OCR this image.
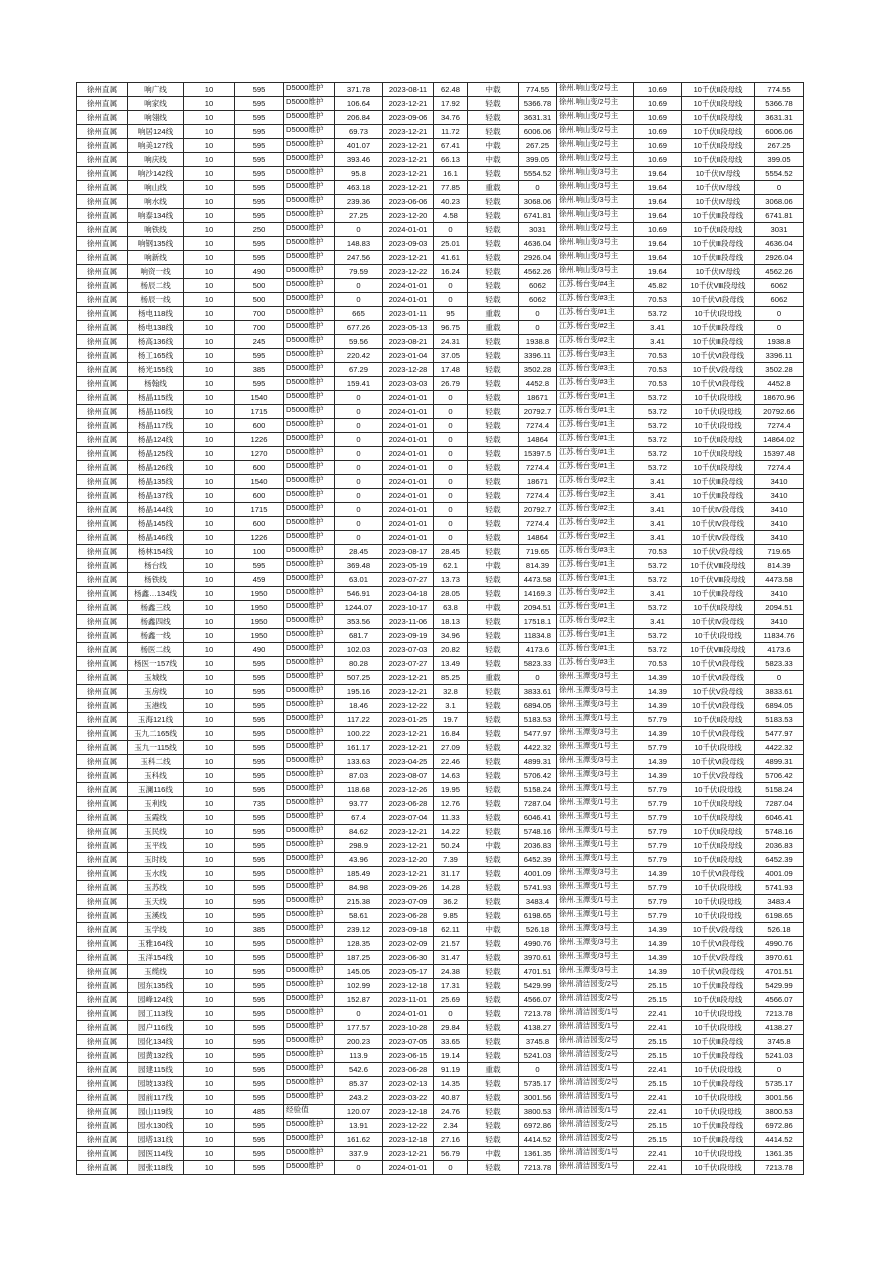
徐州直属	响广线	10	595	D5000维护	371.78	2023-08-11	62.48	中载	774.55	徐州.响山变/2号主	10.69	10千伏Ⅱ段母线	774.55
徐州直属	响家线	10	595	D5000维护	106.64	2023-12-21	17.92	轻载	5366.78	徐州.响山变/2号主	10.69	10千伏Ⅱ段母线	5366.78
徐州直属	响翎线	10	595	D5000维护	206.84	2023-09-06	34.76	轻载	3631.31	徐州.响山变/2号主	10.69	10千伏Ⅱ段母线	3631.31
徐州直属	响居124线	10	595	D5000维护	69.73	2023-12-21	11.72	轻载	6006.06	徐州.响山变/2号主	10.69	10千伏Ⅱ段母线	6006.06
徐州直属	响美127线	10	595	D5000维护	401.07	2023-12-21	67.41	中载	267.25	徐州.响山变/2号主	10.69	10千伏Ⅱ段母线	267.25
徐州直属	响庆线	10	595	D5000维护	393.46	2023-12-21	66.13	中载	399.05	徐州.响山变/2号主	10.69	10千伏Ⅱ段母线	399.05
徐州直属	响沙142线	10	595	D5000维护	95.8	2023-12-21	16.1	轻载	5554.52	徐州.响山变/3号主	19.64	10千伏Ⅳ母线	5554.52
徐州直属	响山线	10	595	D5000维护	463.18	2023-12-21	77.85	重载	0	徐州.响山变/3号主	19.64	10千伏Ⅳ母线	0
徐州直属	响水线	10	595	D5000维护	239.36	2023-06-06	40.23	轻载	3068.06	徐州.响山变/3号主	19.64	10千伏Ⅳ母线	3068.06
徐州直属	响泰134线	10	595	D5000维护	27.25	2023-12-20	4.58	轻载	6741.81	徐州.响山变/3号主	19.64	10千伏Ⅲ段母线	6741.81
徐州直属	响铁线	10	250	D5000维护	0	2024-01-01	0	轻载	3031	徐州.响山变/2号主	10.69	10千伏Ⅱ段母线	3031
徐州直属	响钢135线	10	595	D5000维护	148.83	2023-09-03	25.01	轻载	4636.04	徐州.响山变/3号主	19.64	10千伏Ⅲ段母线	4636.04
徐州直属	响新线	10	595	D5000维护	247.56	2023-12-21	41.61	轻载	2926.04	徐州.响山变/3号主	19.64	10千伏Ⅲ段母线	2926.04
徐州直属	响资一线	10	490	D5000维护	79.59	2023-12-22	16.24	轻载	4562.26	徐州.响山变/3号主	19.64	10千伏Ⅳ母线	4562.26
徐州直属	杨辰二线	10	500	D5000维护	0	2024-01-01	0	轻载	6062	江苏.杨台变/#4主	45.82	10千伏Ⅷ段母线	6062
徐州直属	杨辰一线	10	500	D5000维护	0	2024-01-01	0	轻载	6062	江苏.杨台变/#3主	70.53	10千伏Ⅵ段母线	6062
徐州直属	杨电118线	10	700	D5000维护	665	2023-01-11	95	重载	0	江苏.杨台变/#1主	53.72	10千伏Ⅰ段母线	0
徐州直属	杨电138线	10	700	D5000维护	677.26	2023-05-13	96.75	重载	0	江苏.杨台变/#2主	3.41	10千伏Ⅲ段母线	0
徐州直属	杨高136线	10	245	D5000维护	59.56	2023-08-21	24.31	轻载	1938.8	江苏.杨台变/#2主	3.41	10千伏Ⅲ段母线	1938.8
徐州直属	杨工165线	10	595	D5000维护	220.42	2023-01-04	37.05	轻载	3396.11	江苏.杨台变/#3主	70.53	10千伏Ⅵ段母线	3396.11
徐州直属	杨光155线	10	385	D5000维护	67.29	2023-12-28	17.48	轻载	3502.28	江苏.杨台变/#3主	70.53	10千伏Ⅴ段母线	3502.28
徐州直属	杨翰线	10	595	D5000维护	159.41	2023-03-03	26.79	轻载	4452.8	江苏.杨台变/#3主	70.53	10千伏Ⅵ段母线	4452.8
徐州直属	杨晶115线	10	1540	D5000维护	0	2024-01-01	0	轻载	18671	江苏.杨台变/#1主	53.72	10千伏Ⅰ段母线	18670.96
徐州直属	杨晶116线	10	1715	D5000维护	0	2024-01-01	0	轻载	20792.7	江苏.杨台变/#1主	53.72	10千伏Ⅰ段母线	20792.66
徐州直属	杨晶117线	10	600	D5000维护	0	2024-01-01	0	轻载	7274.4	江苏.杨台变/#1主	53.72	10千伏Ⅰ段母线	7274.4
徐州直属	杨晶124线	10	1226	D5000维护	0	2024-01-01	0	轻载	14864	江苏.杨台变/#1主	53.72	10千伏Ⅱ段母线	14864.02
徐州直属	杨晶125线	10	1270	D5000维护	0	2024-01-01	0	轻载	15397.5	江苏.杨台变/#1主	53.72	10千伏Ⅱ段母线	15397.48
徐州直属	杨晶126线	10	600	D5000维护	0	2024-01-01	0	轻载	7274.4	江苏.杨台变/#1主	53.72	10千伏Ⅱ段母线	7274.4
徐州直属	杨晶135线	10	1540	D5000维护	0	2024-01-01	0	轻载	18671	江苏.杨台变/#2主	3.41	10千伏Ⅲ段母线	3410
徐州直属	杨晶137线	10	600	D5000维护	0	2024-01-01	0	轻载	7274.4	江苏.杨台变/#2主	3.41	10千伏Ⅲ段母线	3410
徐州直属	杨晶144线	10	1715	D5000维护	0	2024-01-01	0	轻载	20792.7	江苏.杨台变/#2主	3.41	10千伏Ⅳ段母线	3410
徐州直属	杨晶145线	10	600	D5000维护	0	2024-01-01	0	轻载	7274.4	江苏.杨台变/#2主	3.41	10千伏Ⅳ段母线	3410
徐州直属	杨晶146线	10	1226	D5000维护	0	2024-01-01	0	轻载	14864	江苏.杨台变/#2主	3.41	10千伏Ⅳ段母线	3410
徐州直属	杨林154线	10	100	D5000维护	28.45	2023-08-17	28.45	轻载	719.65	江苏.杨台变/#3主	70.53	10千伏Ⅴ段母线	719.65
徐州直属	杨台线	10	595	D5000维护	369.48	2023-05-19	62.1	中载	814.39	江苏.杨台变/#1主	53.72	10千伏Ⅷ段母线	814.39
徐州直属	杨铁线	10	459	D5000维护	63.01	2023-07-27	13.73	轻载	4473.58	江苏.杨台变/#1主	53.72	10千伏Ⅷ段母线	4473.58
徐州直属	杨鑫…134线	10	1950	D5000维护	546.91	2023-04-18	28.05	轻载	14169.3	江苏.杨台变/#2主	3.41	10千伏Ⅲ段母线	3410
徐州直属	杨鑫三线	10	1950	D5000维护	1244.07	2023-10-17	63.8	中载	2094.51	江苏.杨台变/#1主	53.72	10千伏Ⅱ段母线	2094.51
徐州直属	杨鑫四线	10	1950	D5000维护	353.56	2023-11-06	18.13	轻载	17518.1	江苏.杨台变/#2主	3.41	10千伏Ⅳ段母线	3410
徐州直属	杨鑫一线	10	1950	D5000维护	681.7	2023-09-19	34.96	轻载	11834.8	江苏.杨台变/#1主	53.72	10千伏Ⅰ段母线	11834.76
徐州直属	杨医二线	10	490	D5000维护	102.03	2023-07-03	20.82	轻载	4173.6	江苏.杨台变/#1主	53.72	10千伏Ⅷ段母线	4173.6
徐州直属	杨医一157线	10	595	D5000维护	80.28	2023-07-27	13.49	轻载	5823.33	江苏.杨台变/#3主	70.53	10千伏Ⅵ段母线	5823.33
徐州直属	玉城线	10	595	D5000维护	507.25	2023-12-21	85.25	重载	0	徐州.玉潭变/3号主	14.39	10千伏Ⅵ段母线	0
徐州直属	玉房线	10	595	D5000维护	195.16	2023-12-21	32.8	轻载	3833.61	徐州.玉潭变/3号主	14.39	10千伏Ⅴ段母线	3833.61
徐州直属	玉港线	10	595	D5000维护	18.46	2023-12-22	3.1	轻载	6894.05	徐州.玉潭变/3号主	14.39	10千伏Ⅵ段母线	6894.05
徐州直属	玉海121线	10	595	D5000维护	117.22	2023-01-25	19.7	轻载	5183.53	徐州.玉潭变/1号主	57.79	10千伏Ⅱ段母线	5183.53
徐州直属	玉九二165线	10	595	D5000维护	100.22	2023-12-21	16.84	轻载	5477.97	徐州.玉潭变/3号主	14.39	10千伏Ⅵ段母线	5477.97
徐州直属	玉九一115线	10	595	D5000维护	161.17	2023-12-21	27.09	轻载	4422.32	徐州.玉潭变/1号主	57.79	10千伏Ⅰ段母线	4422.32
徐州直属	玉科二线	10	595	D5000维护	133.63	2023-04-25	22.46	轻载	4899.31	徐州.玉潭变/3号主	14.39	10千伏Ⅵ段母线	4899.31
徐州直属	玉科线	10	595	D5000维护	87.03	2023-08-07	14.63	轻载	5706.42	徐州.玉潭变/3号主	14.39	10千伏Ⅴ段母线	5706.42
徐州直属	玉澜116线	10	595	D5000维护	118.68	2023-12-26	19.95	轻载	5158.24	徐州.玉潭变/1号主	57.79	10千伏Ⅰ段母线	5158.24
徐州直属	玉利线	10	735	D5000维护	93.77	2023-06-28	12.76	轻载	7287.04	徐州.玉潭变/1号主	57.79	10千伏Ⅱ段母线	7287.04
徐州直属	玉霞线	10	595	D5000维护	67.4	2023-07-04	11.33	轻载	6046.41	徐州.玉潭变/1号主	57.79	10千伏Ⅱ段母线	6046.41
徐州直属	玉民线	10	595	D5000维护	84.62	2023-12-21	14.22	轻载	5748.16	徐州.玉潭变/1号主	57.79	10千伏Ⅱ段母线	5748.16
徐州直属	玉平线	10	595	D5000维护	298.9	2023-12-21	50.24	中载	2036.83	徐州.玉潭变/1号主	57.79	10千伏Ⅱ段母线	2036.83
徐州直属	玉时线	10	595	D5000维护	43.96	2023-12-20	7.39	轻载	6452.39	徐州.玉潭变/1号主	57.79	10千伏Ⅱ段母线	6452.39
徐州直属	玉水线	10	595	D5000维护	185.49	2023-12-21	31.17	轻载	4001.09	徐州.玉潭变/3号主	14.39	10千伏Ⅵ段母线	4001.09
徐州直属	玉苏线	10	595	D5000维护	84.98	2023-09-26	14.28	轻载	5741.93	徐州.玉潭变/1号主	57.79	10千伏Ⅰ段母线	5741.93
徐州直属	玉天线	10	595	D5000维护	215.38	2023-07-09	36.2	轻载	3483.4	徐州.玉潭变/1号主	57.79	10千伏Ⅰ段母线	3483.4
徐州直属	玉溪线	10	595	D5000维护	58.61	2023-06-28	9.85	轻载	6198.65	徐州.玉潭变/1号主	57.79	10千伏Ⅰ段母线	6198.65
徐州直属	玉学线	10	385	D5000维护	239.12	2023-09-18	62.11	中载	526.18	徐州.玉潭变/3号主	14.39	10千伏Ⅴ段母线	526.18
徐州直属	玉雅164线	10	595	D5000维护	128.35	2023-02-09	21.57	轻载	4990.76	徐州.玉潭变/3号主	14.39	10千伏Ⅵ段母线	4990.76
徐州直属	玉洋154线	10	595	D5000维护	187.25	2023-06-30	31.47	轻载	3970.61	徐州.玉潭变/3号主	14.39	10千伏Ⅴ段母线	3970.61
徐州直属	玉缆线	10	595	D5000维护	145.05	2023-05-17	24.38	轻载	4701.51	徐州.玉潭变/3号主	14.39	10千伏Ⅵ段母线	4701.51
徐州直属	园东135线	10	595	D5000维护	102.99	2023-12-18	17.31	轻载	5429.99	徐州.清洁园变/2号	25.15	10千伏Ⅲ段母线	5429.99
徐州直属	园峰124线	10	595	D5000维护	152.87	2023-11-01	25.69	轻载	4566.07	徐州.清洁园变/2号	25.15	10千伏Ⅱ段母线	4566.07
徐州直属	园工113线	10	595	D5000维护	0	2024-01-01	0	轻载	7213.78	徐州.清洁园变/1号	22.41	10千伏Ⅰ段母线	7213.78
徐州直属	园户116线	10	595	D5000维护	177.57	2023-10-28	29.84	轻载	4138.27	徐州.清洁园变/1号	22.41	10千伏Ⅰ段母线	4138.27
徐州直属	园化134线	10	595	D5000维护	200.23	2023-07-05	33.65	轻载	3745.8	徐州.清洁园变/2号	25.15	10千伏Ⅲ段母线	3745.8
徐州直属	园黄132线	10	595	D5000维护	113.9	2023-06-15	19.14	轻载	5241.03	徐州.清洁园变/2号	25.15	10千伏Ⅲ段母线	5241.03
徐州直属	园建115线	10	595	D5000维护	542.6	2023-06-28	91.19	重载	0	徐州.清洁园变/1号	22.41	10千伏Ⅰ段母线	0
徐州直属	园坡133线	10	595	D5000维护	85.37	2023-02-13	14.35	轻载	5735.17	徐州.清洁园变/2号	25.15	10千伏Ⅲ段母线	5735.17
徐州直属	园前117线	10	595	D5000维护	243.2	2023-03-22	40.87	轻载	3001.56	徐州.清洁园变/1号	22.41	10千伏Ⅰ段母线	3001.56
徐州直属	园山119线	10	485	经验值	120.07	2023-12-18	24.76	轻载	3800.53	徐州.清洁园变/1号	22.41	10千伏Ⅰ段母线	3800.53
徐州直属	园水130线	10	595	D5000维护	13.91	2023-12-22	2.34	轻载	6972.86	徐州.清洁园变/2号	25.15	10千伏Ⅲ段母线	6972.86
徐州直属	园塔131线	10	595	D5000维护	161.62	2023-12-18	27.16	轻载	4414.52	徐州.清洁园变/2号	25.15	10千伏Ⅲ段母线	4414.52
徐州直属	园医114线	10	595	D5000维护	337.9	2023-12-21	56.79	中载	1361.35	徐州.清洁园变/1号	22.41	10千伏Ⅰ段母线	1361.35
徐州直属	园张118线	10	595	D5000维护	0	2024-01-01	0	轻载	7213.78	徐州.清洁园变/1号	22.41	10千伏Ⅰ段母线	7213.78
